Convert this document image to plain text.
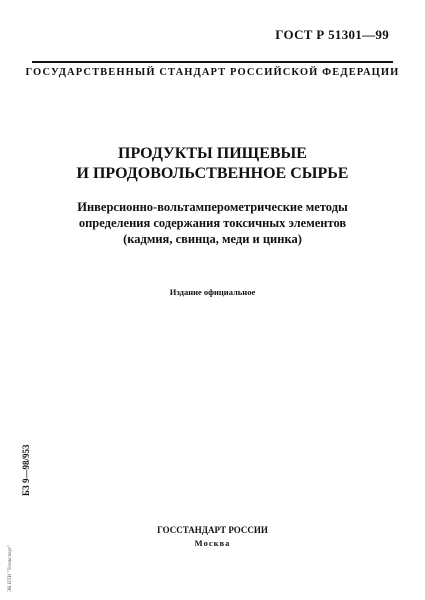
ГОСТ Р 51301—99
ГОСУДАРСТВЕННЫЙ СТАНДАРТ РОССИЙСКОЙ ФЕДЕРАЦИИ
ПРОДУКТЫ ПИЩЕВЫЕ
И ПРОДОВОЛЬСТВЕННОЕ СЫРЬЕ
Инверсионно-вольтамперометрические методы
определения содержания токсичных элементов
(кадмия, свинца, меди и цинка)
Издание официальное
БЗ 9—98/953
ЭК НТИ "Техэксперт"
ГОССТАНДАРТ РОССИИ
Москва
